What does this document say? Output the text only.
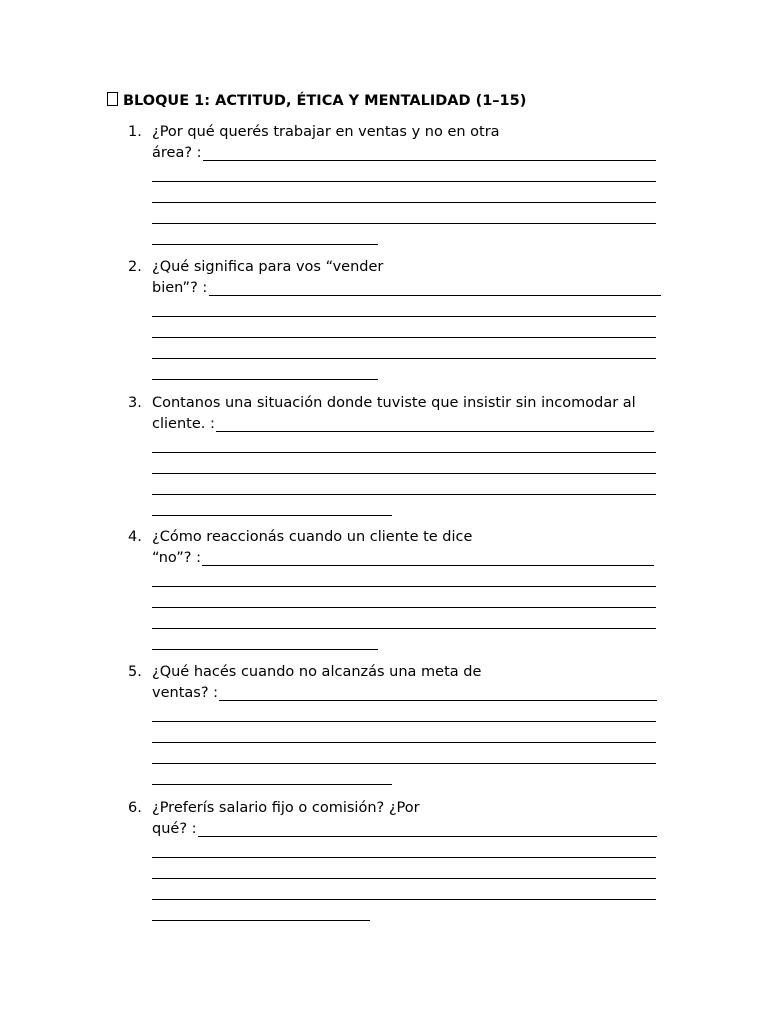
BLOQUE 1: ACTITUD, ÉTICA Y MENTALIDAD (1–15)
1. ¿Por qué querés trabajar en ventas y no en otra
área? :
2. ¿Qué significa para vos “vender
bien”? :
3. Contanos una situación donde tuviste que insistir sin incomodar al
cliente. :
4. ¿Cómo reaccionás cuando un cliente te dice
“no”? :
5. ¿Qué hacés cuando no alcanzás una meta de
ventas? :
6. ¿Preferís salario fijo o comisión? ¿Por
qué? :
